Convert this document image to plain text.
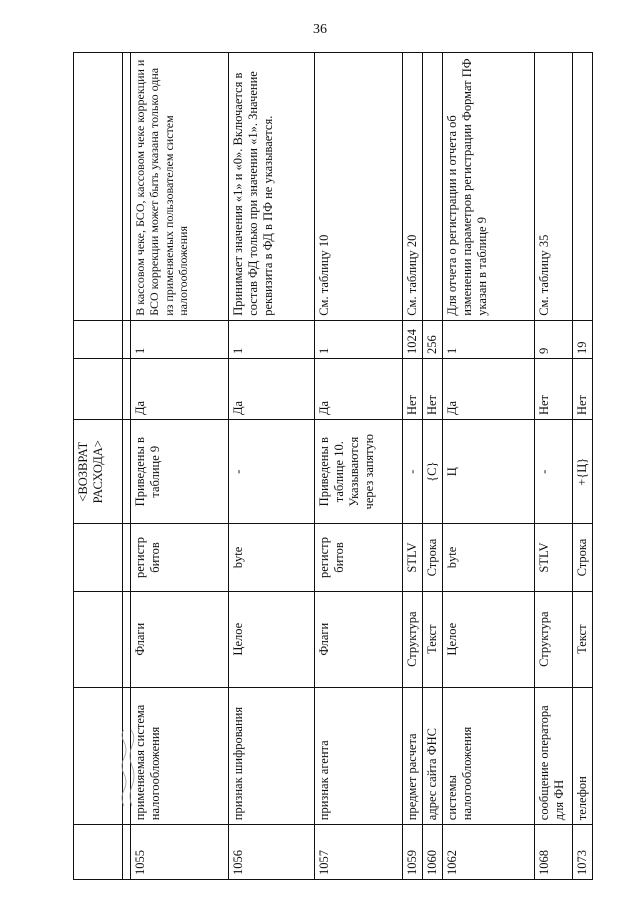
36
				<ВОЗВРАТ РАСХОДА>			

1055	применяемая система налогообложения	Флаги	регистр битов	Приведены в таблице 9	Да	1	В кассовом чеке, БСО, кассовом чеке коррекции и БСО коррекции может быть указана только одна из применяемых пользователем систем налогообложения
1056	признак шифрования	Целое	byte	-	Да	1	Принимает значения «1» и «0». Включается в состав ФД только при значении «1». Значение реквизита в ФД в ПФ не указывается.
1057	признак агента	Флаги	регистр битов	Приведены в таблице 10. Указываются через запятую	Да	1	См. таблицу 10
1059	предмет расчета	Структура	STLV	-	Нет	1024	См. таблицу 20
1060	адрес сайта ФНС	Текст	Строка	{С}	Нет	256	
1062	системы налогообложения	Целое	byte	Ц	Да	1	Для отчета о регистрации и отчета об изменении параметров регистрации Формат ПФ указан в таблице 9
1068	сообщение оператора для ФН	Структура	STLV	-	Нет	9	См. таблицу 35
1073	телефон	Текст	Строка	+{Ц}	Нет	19	
